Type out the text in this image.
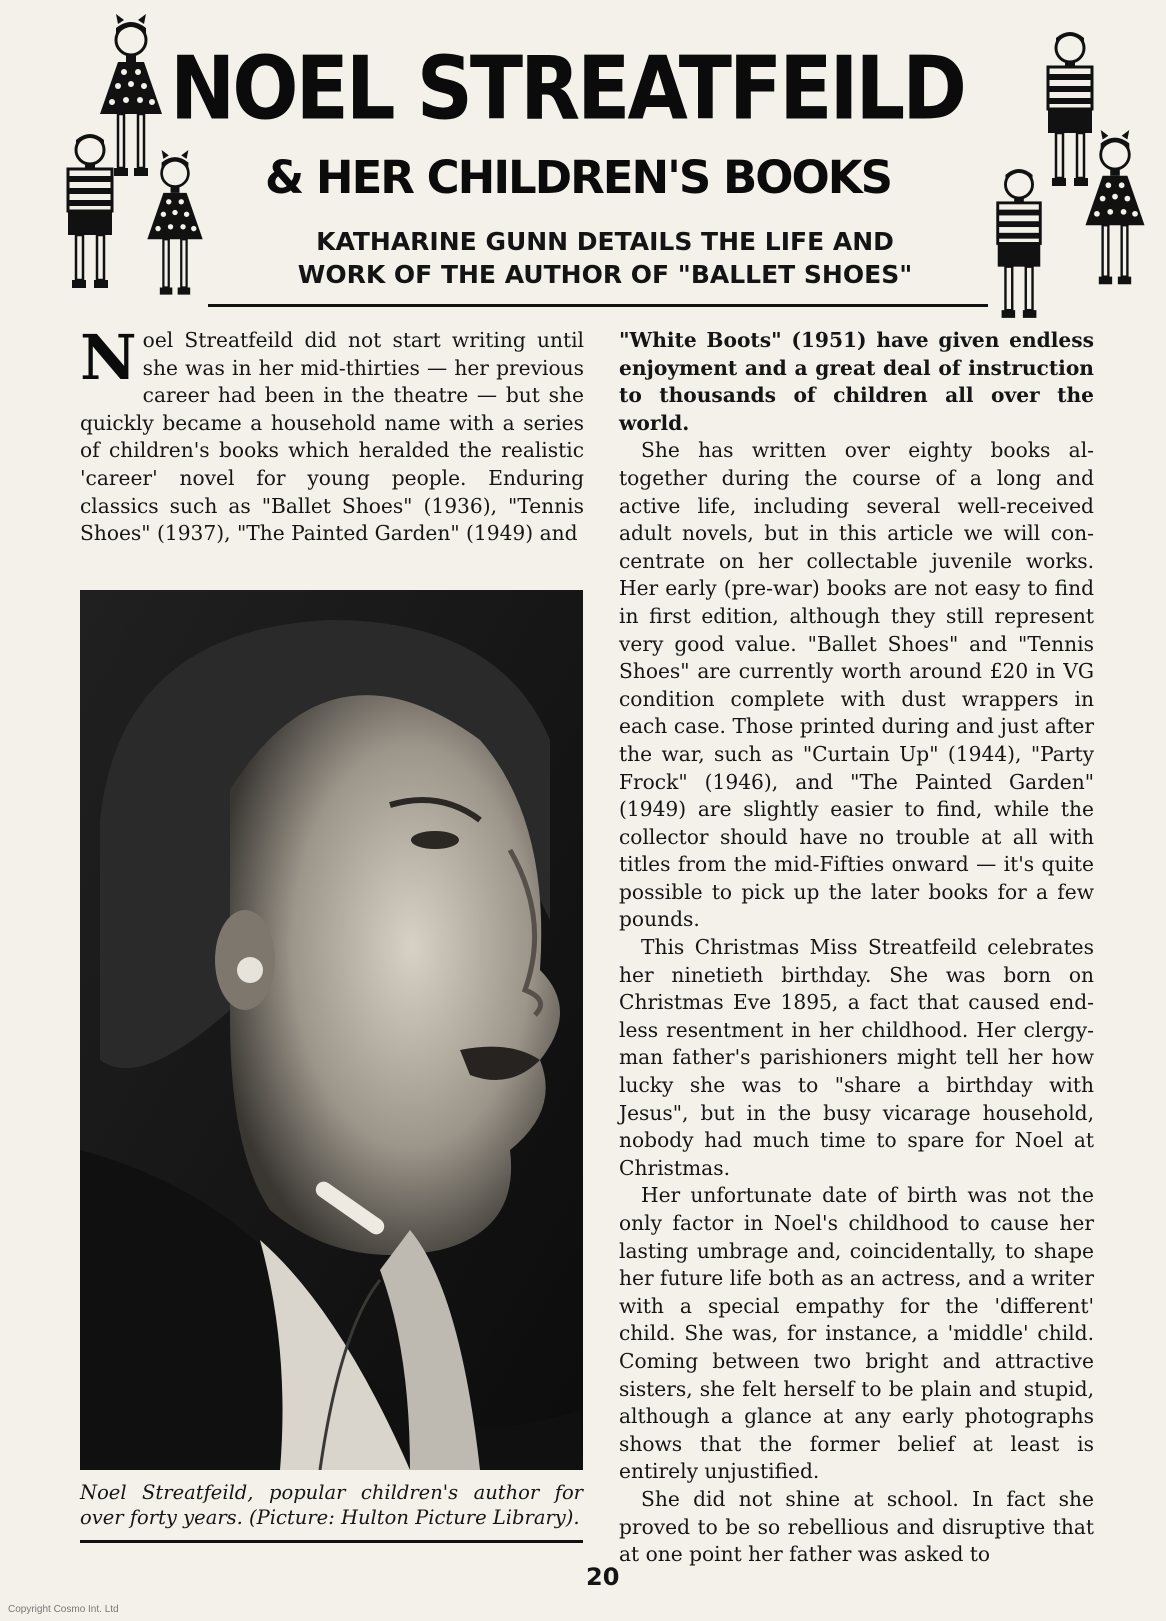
NOEL STREATFEILD
& HER CHILDREN'S BOOKS
KATHARINE GUNN DETAILS THE LIFE AND
WORK OF THE AUTHOR OF "BALLET SHOES"

Noel Streatfeild did not start writing until she was in her mid-thirties — her previous career had been in the theatre — but she quickly became a household name with a series of children's books which heralded the realistic 'career' novel for young people. Enduring classics such as "Ballet Shoes" (1936), "Tennis Shoes" (1937), "The Painted Garden" (1949) and

Noel Streatfeild, popular children's author for over forty years. (Picture: Hulton Picture Library).

"White Boots" (1951) have given endless enjoyment and a great deal of instruction to thousands of children all over the world.

She has written over eighty books altogether during the course of a long and active life, including several well-received adult novels, but in this article we will concentrate on her collectable juvenile works. Her early (pre-war) books are not easy to find in first edition, although they still represent very good value. "Ballet Shoes" and "Tennis Shoes" are currently worth around £20 in VG condition complete with dust wrappers in each case. Those printed during and just after the war, such as "Curtain Up" (1944), "Party Frock" (1946), and "The Painted Garden" (1949) are slightly easier to find, while the collector should have no trouble at all with titles from the mid-Fifties onward — it's quite possible to pick up the later books for a few pounds.

This Christmas Miss Streatfeild celebrates her ninetieth birthday. She was born on Christmas Eve 1895, a fact that caused endless resentment in her childhood. Her clergyman father's parishioners might tell her how lucky she was to "share a birthday with Jesus", but in the busy vicarage household, nobody had much time to spare for Noel at Christmas.

Her unfortunate date of birth was not the only factor in Noel's childhood to cause her lasting umbrage and, coincidentally, to shape her future life both as an actress, and a writer with a special empathy for the 'different' child. She was, for instance, a 'middle' child. Coming between two bright and attractive sisters, she felt herself to be plain and stupid, although a glance at any early photographs shows that the former belief at least is entirely unjustified.

She did not shine at school. In fact she proved to be so rebellious and disruptive that at one point her father was asked to

20
Copyright Cosmo Int. Ltd
